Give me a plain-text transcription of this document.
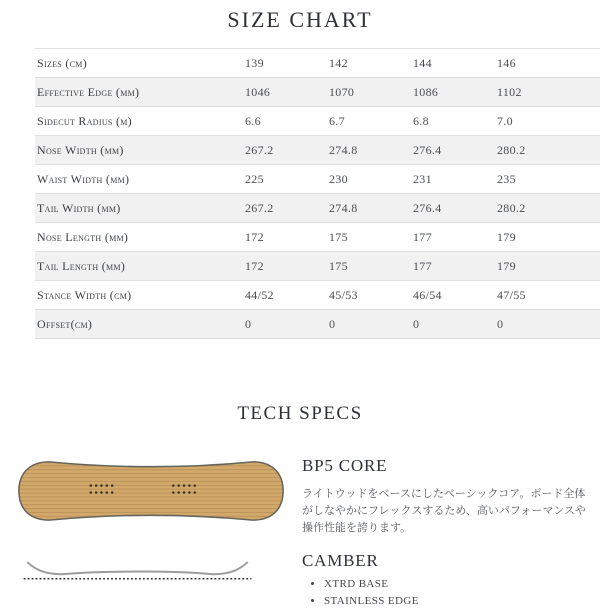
SIZE CHART
Sizes (cm)	139	142	144	146	
Effective Edge (mm)	1046	1070	1086	1102	
Sidecut Radius (m)	6.6	6.7	6.8	7.0	
Nose Width (mm)	267.2	274.8	276.4	280.2	
Waist Width (mm)	225	230	231	235	
Tail Width (mm)	267.2	274.8	276.4	280.2	
Nose Length (mm)	172	175	177	179	
Tail Length (mm)	172	175	177	179	
Stance Width (cm)	44/52	45/53	46/54	47/55	
Offset(cm)	0	0	0	0	
TECH SPECS
BP5 CORE

ライトウッドをベースにしたベーシックコア。ボード全体がしなやかにフレックスするため、高いパフォーマンスや操作性能を誇ります。

CAMBER
• XTRD BASE
• STAINLESS EDGE
